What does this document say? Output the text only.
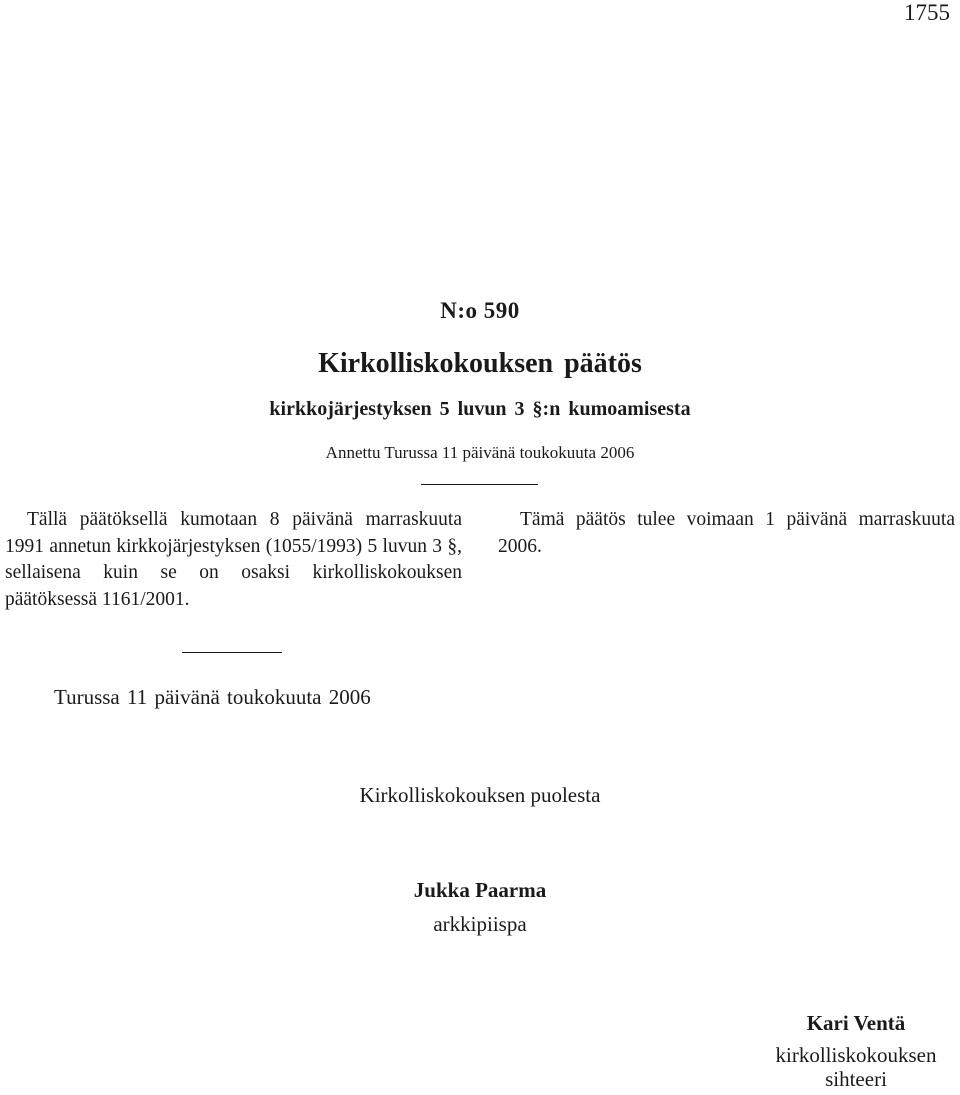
1755

N:o 590

Kirkolliskokouksen päätös
kirkkojärjestyksen 5 luvun 3 §:n kumoamisesta

Annettu Turussa 11 päivänä toukokuuta 2006

Tällä päätöksellä kumotaan 8 päivänä marraskuuta 1991 annetun kirkkojärjestyksen (1055/1993) 5 luvun 3 §, sellaisena kuin se on osaksi kirkolliskokouksen päätöksessä 1161/2001.

Tämä päätös tulee voimaan 1 päivänä marraskuuta 2006.

Turussa 11 päivänä toukokuuta 2006

Kirkolliskokouksen puolesta

Jukka Paarma

arkkipiispa

Kari Ventä
kirkolliskokouksen
sihteeri
